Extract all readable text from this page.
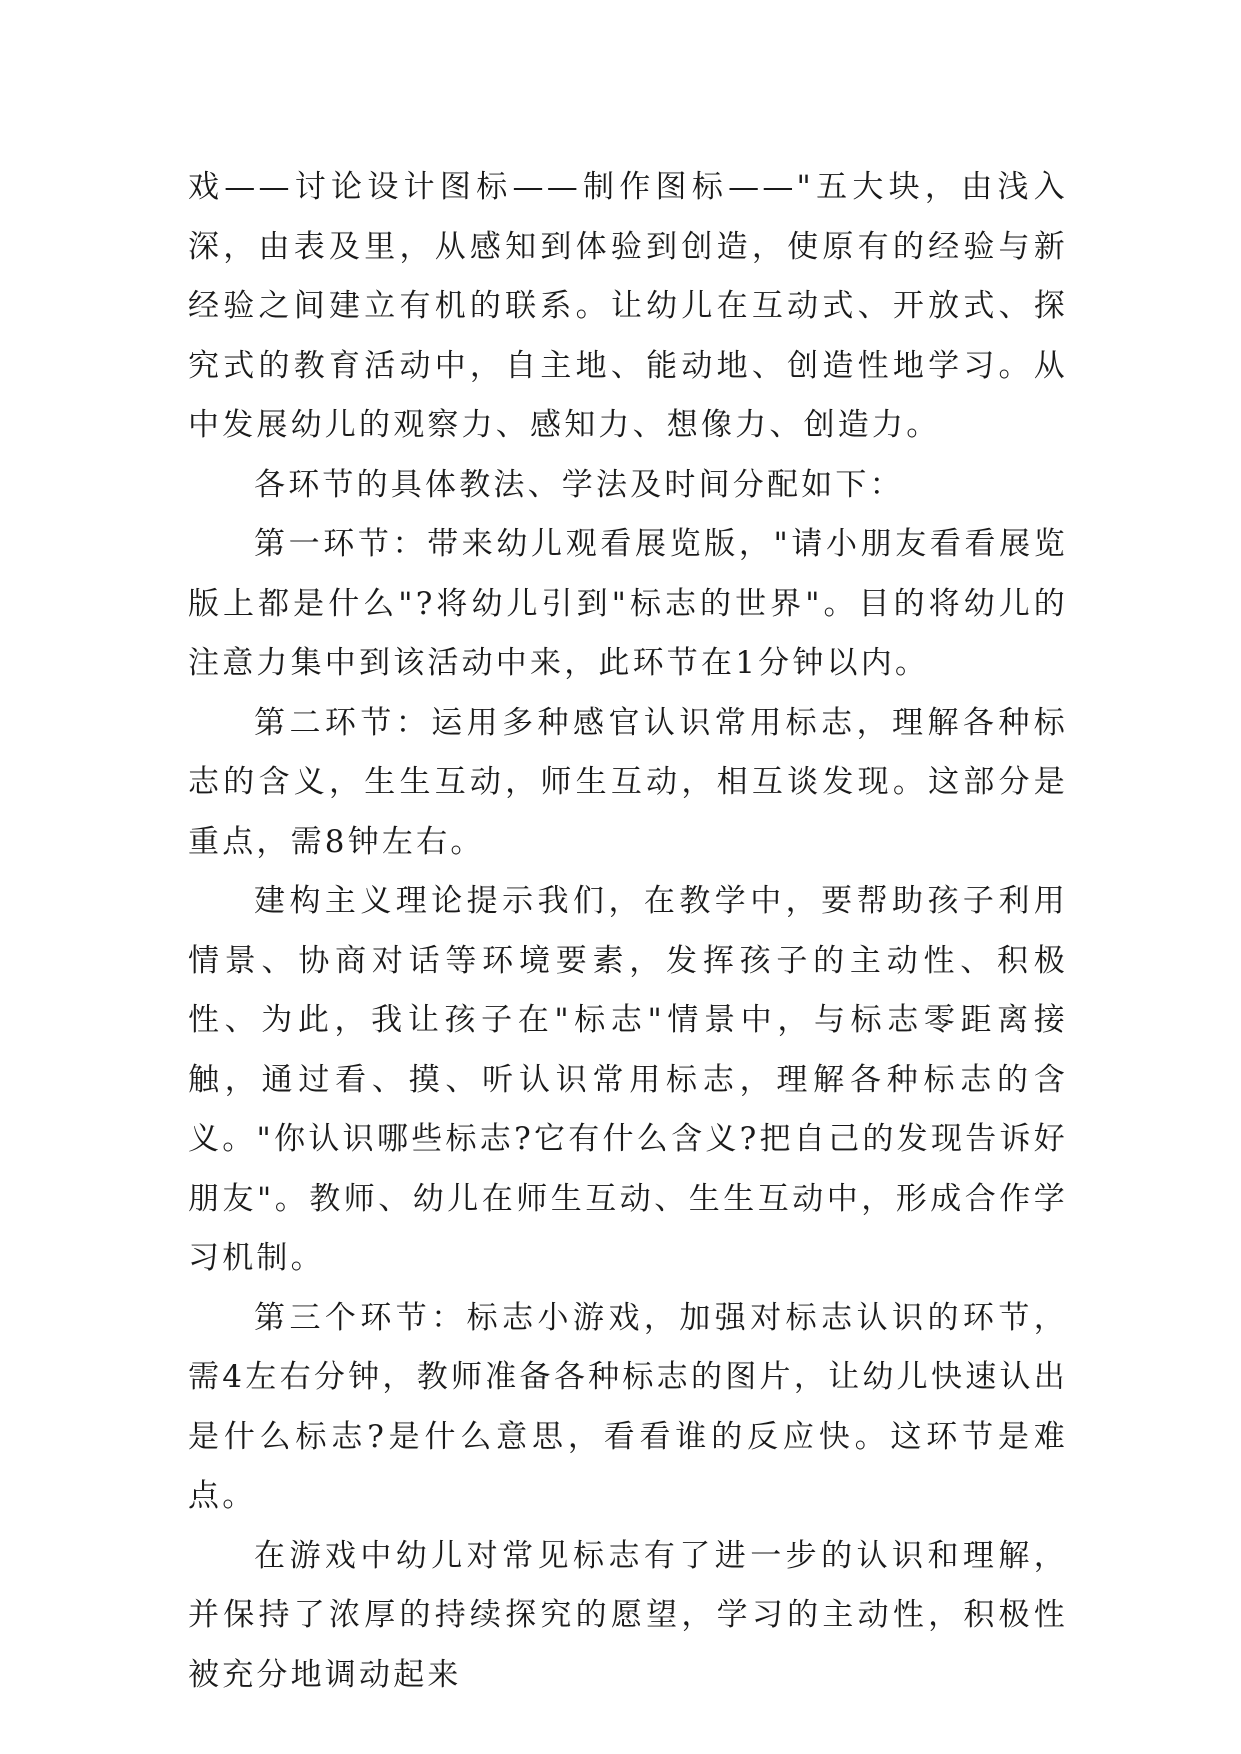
戏——讨论设计图标——制作图标——"五大块，由浅入深，由表及里，从感知到体验到创造，使原有的经验与新经验之间建立有机的联系。让幼儿在互动式、开放式、探究式的教育活动中，自主地、能动地、创造性地学习。从中发展幼儿的观察力、感知力、想像力、创造力。

各环节的具体教法、学法及时间分配如下：

第一环节：带来幼儿观看展览版，"请小朋友看看展览版上都是什么"?将幼儿引到"标志的世界"。目的将幼儿的注意力集中到该活动中来，此环节在1分钟以内。

第二环节：运用多种感官认识常用标志，理解各种标志的含义，生生互动，师生互动，相互谈发现。这部分是重点，需8钟左右。

建构主义理论提示我们，在教学中，要帮助孩子利用情景、协商对话等环境要素，发挥孩子的主动性、积极性、为此，我让孩子在"标志"情景中，与标志零距离接触，通过看、摸、听认识常用标志，理解各种标志的含义。"你认识哪些标志?它有什么含义?把自己的发现告诉好朋友"。教师、幼儿在师生互动、生生互动中，形成合作学习机制。

第三个环节：标志小游戏，加强对标志认识的环节，需4左右分钟，教师准备各种标志的图片，让幼儿快速认出是什么标志?是什么意思，看看谁的反应快。这环节是难点。

在游戏中幼儿对常见标志有了进一步的认识和理解，并保持了浓厚的持续探究的愿望，学习的主动性，积极性被充分地调动起来
